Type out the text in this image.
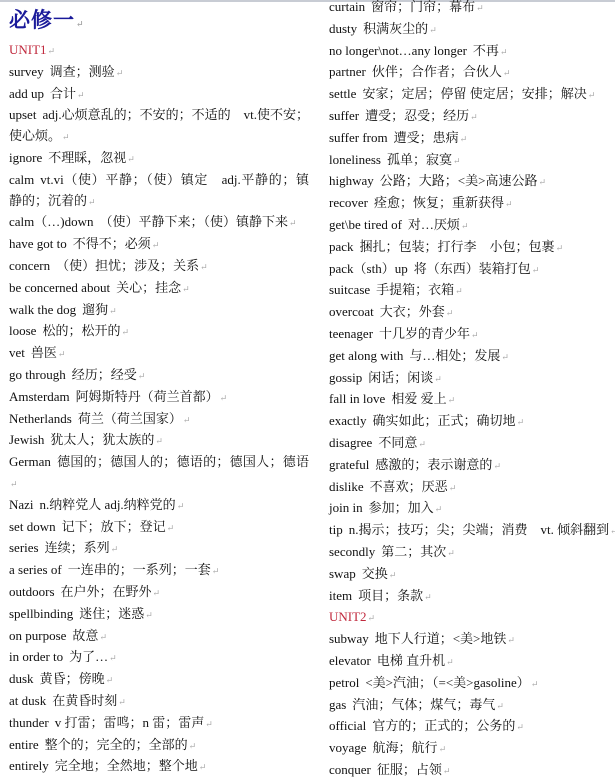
必修一 ↵
UNIT1 ↵
survey 调查；测验 ↵
add up 合计 ↵
upset adj.心烦意乱的；不安的；不适的　vt.使不安；使心烦。 ↵
ignore 不理睬，忽视 ↵
calm vt.vi（使）平静；（使）镇定　adj.平静的；镇静的；沉着的 ↵
calm（…)down （使）平静下来；（使）镇静下来 ↵
have got to 不得不；必须 ↵
concern （使）担忧；涉及；关系 ↵
be concerned about 关心；挂念 ↵
walk the dog 遛狗 ↵
loose 松的；松开的 ↵
vet 兽医 ↵
go through 经历；经受 ↵
Amsterdam 阿姆斯特丹（荷兰首都） ↵
Netherlands 荷兰（荷兰国家） ↵
Jewish 犹太人；犹太族的 ↵
German 德国的；德国人的；德语的；德国人；德语 ↵
Nazi n.纳粹党人 adj.纳粹党的 ↵
set down 记下；放下；登记 ↵
series 连续；系列 ↵
a series of 一连串的；一系列；一套 ↵
outdoors 在户外；在野外 ↵
spellbinding 迷住；迷惑 ↵
on purpose 故意 ↵
in order to 为了… ↵
dusk 黄昏；傍晚 ↵
at dusk 在黄昏时刻 ↵
thunder v 打雷；雷鸣；n 雷；雷声 ↵
entire 整个的；完全的；全部的 ↵
entirely 完全地；全然地；整个地 ↵
curtain 窗帘；门帘；幕布 ↵
dusty 积满灰尘的 ↵
no longer\not…any longer 不再 ↵
partner 伙伴；合作者；合伙人 ↵
settle 安家；定居；停留 使定居；安排；解决 ↵
suffer 遭受；忍受；经历 ↵
suffer from 遭受；患病 ↵
loneliness 孤单；寂寞 ↵
highway 公路；大路；<美>高速公路 ↵
recover 痊愈；恢复；重新获得 ↵
get\be tired of 对…厌烦 ↵
pack 捆扎；包装；打行李　小包；包裹 ↵
pack（sth）up 将（东西）装箱打包 ↵
suitcase 手提箱；衣箱 ↵
overcoat 大衣；外套 ↵
teenager 十几岁的青少年 ↵
get along with 与…相处；发展 ↵
gossip 闲话；闲谈 ↵
fall in love 相爱 爱上 ↵
exactly 确实如此；正式；确切地 ↵
disagree 不同意 ↵
grateful 感激的；表示谢意的 ↵
dislike 不喜欢；厌恶 ↵
join in 参加；加入 ↵
tip n.揭示；技巧；尖；尖端；消费　vt. 倾斜翻到 ↵
secondly 第二；其次 ↵
swap 交换 ↵
item 项目；条款 ↵
UNIT2 ↵
subway 地下人行道；<美>地铁 ↵
elevator 电梯 直升机 ↵
petrol <美>汽油；（=<美>gasoline） ↵
gas 汽油；气体；煤气；毒气 ↵
official 官方的；正式的；公务的 ↵
voyage 航海；航行 ↵
conquer 征服；占领 ↵
